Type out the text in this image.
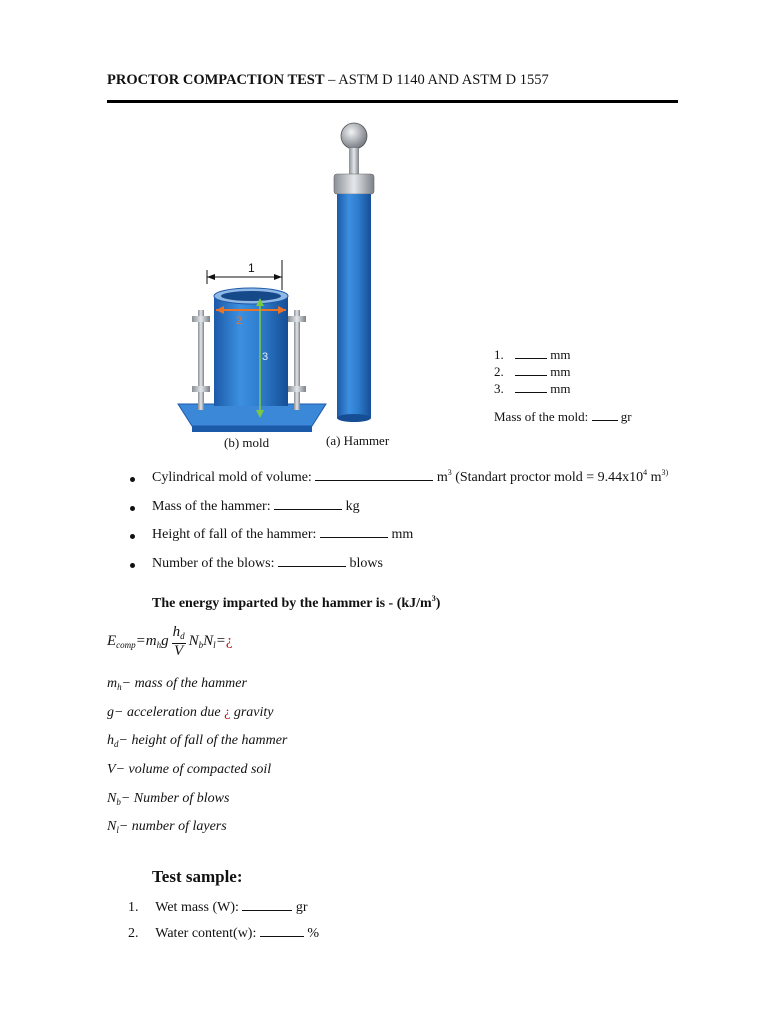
PROCTOR COMPACTION TEST – ASTM D 1140 AND ASTM D 1557
1
2
3
(b) mold	(a) Hammer
1.	mm
2.	mm
3.	mm
Mass of the mold:	gr
Cylindrical mold of volume:	$m^3$ (Standart proctor mold = $9.44x10^4$ $m^{3)}$
Mass of the hammer:	kg
Height of fall of the hammer:	mm
Number of the blows:	blows
The energy imparted by the hammer is - $(kJ/m^3)$
$E_{comp}=m_hg \frac{h_d}{V}$ $N_bN_l=¿$
$m_h-$ mass of the hammer
g− acceleration due ¿ gravity
$h_d-$ height of fall of the hammer
V− volume of compacted soil
$N_b-$ Number of blows
$N_l-$ number of layers
Test sample:
1. Wet mass (W):	gr
2. Water content(w):	%
